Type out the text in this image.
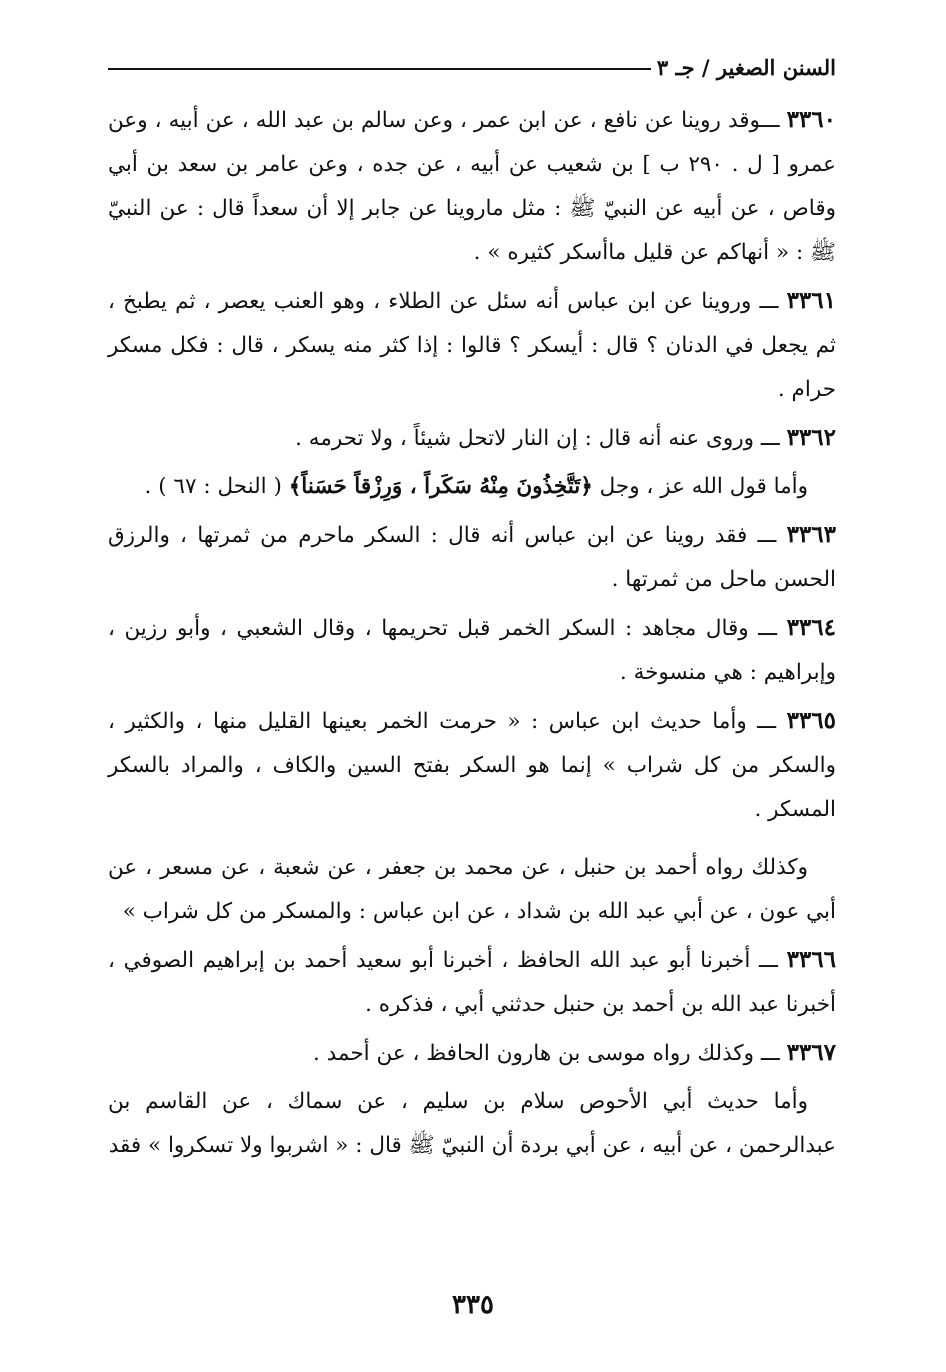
السنن الصغير / جـ ٣

٣٣٦٠ ـــوقد روينا عن نافع ، عن ابن عمر ، وعن سالم بن عبد الله ، عن أبيه ، وعن عمرو [ ل . ٢٩٠ ب ] بن شعيب عن أبيه ، عن جده ، وعن عامر بن سعد بن أبي وقاص ، عن أبيه عن النبيّ ﷺ : مثل ماروينا عن جابر إلا أن سعداً قال : عن النبيّ ﷺ : « أنهاكم عن قليل ماأسكر كثيره » .

٣٣٦١ ـــ وروينا عن ابن عباس أنه سئل عن الطلاء ، وهو العنب يعصر ، ثم يطبخ ، ثم يجعل في الدنان ؟ قال : أيسكر ؟ قالوا : إذا كثر منه يسكر ، قال : فكل مسكر حرام .

٣٣٦٢ ـــ وروى عنه أنه قال : إن النار لاتحل شيئاً ، ولا تحرمه .

وأما قول الله عز ، وجل ﴿تَتَّخِذُونَ مِنْهُ سَكَراً ، وَرِزْقاً حَسَناً﴾ ( النحل : ٦٧ ) .

٣٣٦٣ ـــ فقد روينا عن ابن عباس أنه قال : السكر ماحرم من ثمرتها ، والرزق الحسن ماحل من ثمرتها .

٣٣٦٤ ـــ وقال مجاهد : السكر الخمر قبل تحريمها ، وقال الشعبي ، وأبو رزين ، وإبراهيم : هي منسوخة .

٣٣٦٥ ـــ وأما حديث ابن عباس : « حرمت الخمر بعينها القليل منها ، والكثير ، والسكر من كل شراب » إنما هو السكر بفتح السين والكاف ، والمراد بالسكر المسكر .

وكذلك رواه أحمد بن حنبل ، عن محمد بن جعفر ، عن شعبة ، عن مسعر ، عن أبي عون ، عن أبي عبد الله بن شداد ، عن ابن عباس : والمسكر من كل شراب »

٣٣٦٦ ـــ أخبرنا أبو عبد الله الحافظ ، أخبرنا أبو سعيد أحمد بن إبراهيم الصوفي ، أخبرنا عبد الله بن أحمد بن حنبل حدثني أبي ، فذكره .

٣٣٦٧ ـــ وكذلك رواه موسى بن هارون الحافظ ، عن أحمد .

وأما حديث أبي الأحوص سلام بن سليم ، عن سماك ، عن القاسم بن عبدالرحمن ، عن أبيه ، عن أبي بردة أن النبيّ ﷺ قال : « اشربوا ولا تسكروا » فقد

٣٣٥
